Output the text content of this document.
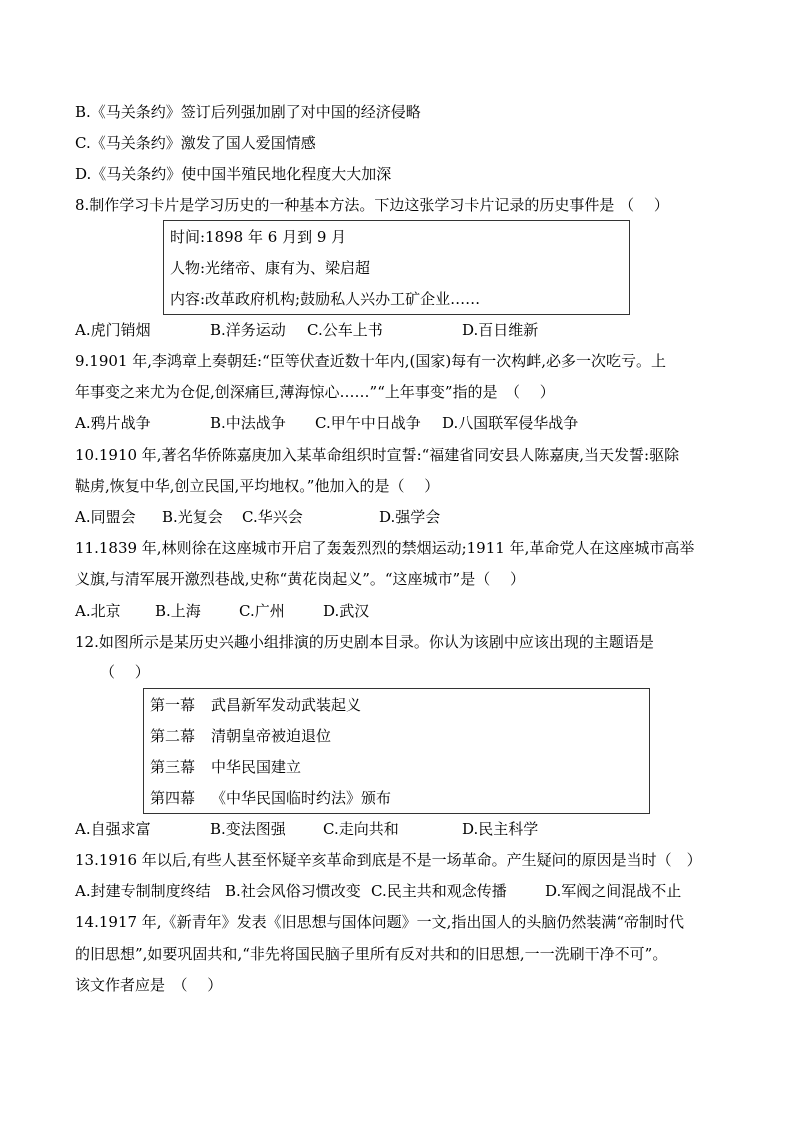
B.《马关条约》签订后列强加剧了对中国的经济侵略
C.《马关条约》激发了国人爱国情感
D.《马关条约》使中国半殖民地化程度大大加深
8.制作学习卡片是学习历史的一种基本方法。下边这张学习卡片记录的历史事件是 （　 ）
时间:1898 年 6 月到 9 月
人物:光绪帝、康有为、梁启超
内容:改革政府机构;鼓励私人兴办工矿企业……
A.虎门销烟	B.洋务运动 C.公车上书	D.百日维新
9.1901 年,李鸿章上奏朝廷:“臣等伏查近数十年内,(国家)每有一次构衅,必多一次吃亏。上
年事变之来尤为仓促,创深痛巨,薄海惊心……”“上年事变”指的是　（　 ）
A.鸦片战争	B.中法战争 C.甲午中日战争 D.八国联军侵华战争
10.1910 年,著名华侨陈嘉庚加入某革命组织时宣誓:“福建省同安县人陈嘉庚,当天发誓:驱除
鞑虏,恢复中华,创立民国,平均地权。”他加入的是（　 ）
A.同盟会 B.光复会 C.华兴会	D.强学会
11.1839 年,林则徐在这座城市开启了轰轰烈烈的禁烟运动;1911 年,革命党人在这座城市高举
义旗,与清军展开激烈巷战,史称“黄花岗起义”。“这座城市”是（　 ）
A.北京 B.上海	C.广州	D.武汉
12.如图所示是某历史兴趣小组排演的历史剧本目录。你认为该剧中应该出现的主题语是
（　 ）
第一幕 武昌新军发动武装起义
第二幕 清朝皇帝被迫退位
第三幕 中华民国建立
第四幕 《中华民国临时约法》颁布
A.自强求富	B.变法图强 C.走向共和	D.民主科学
13.1916 年以后,有些人甚至怀疑辛亥革命到底是不是一场革命。产生疑问的原因是当时（　）
A.封建专制制度终结 B.社会风俗习惯改变 C.民主共和观念传播	D.军阀之间混战不止
14.1917 年,《新青年》发表《旧思想与国体问题》一文,指出国人的头脑仍然装满“帝制时代
的旧思想”,如要巩固共和,“非先将国民脑子里所有反对共和的旧思想,一一洗刷干净不可”。
该文作者应是　（　 ）
